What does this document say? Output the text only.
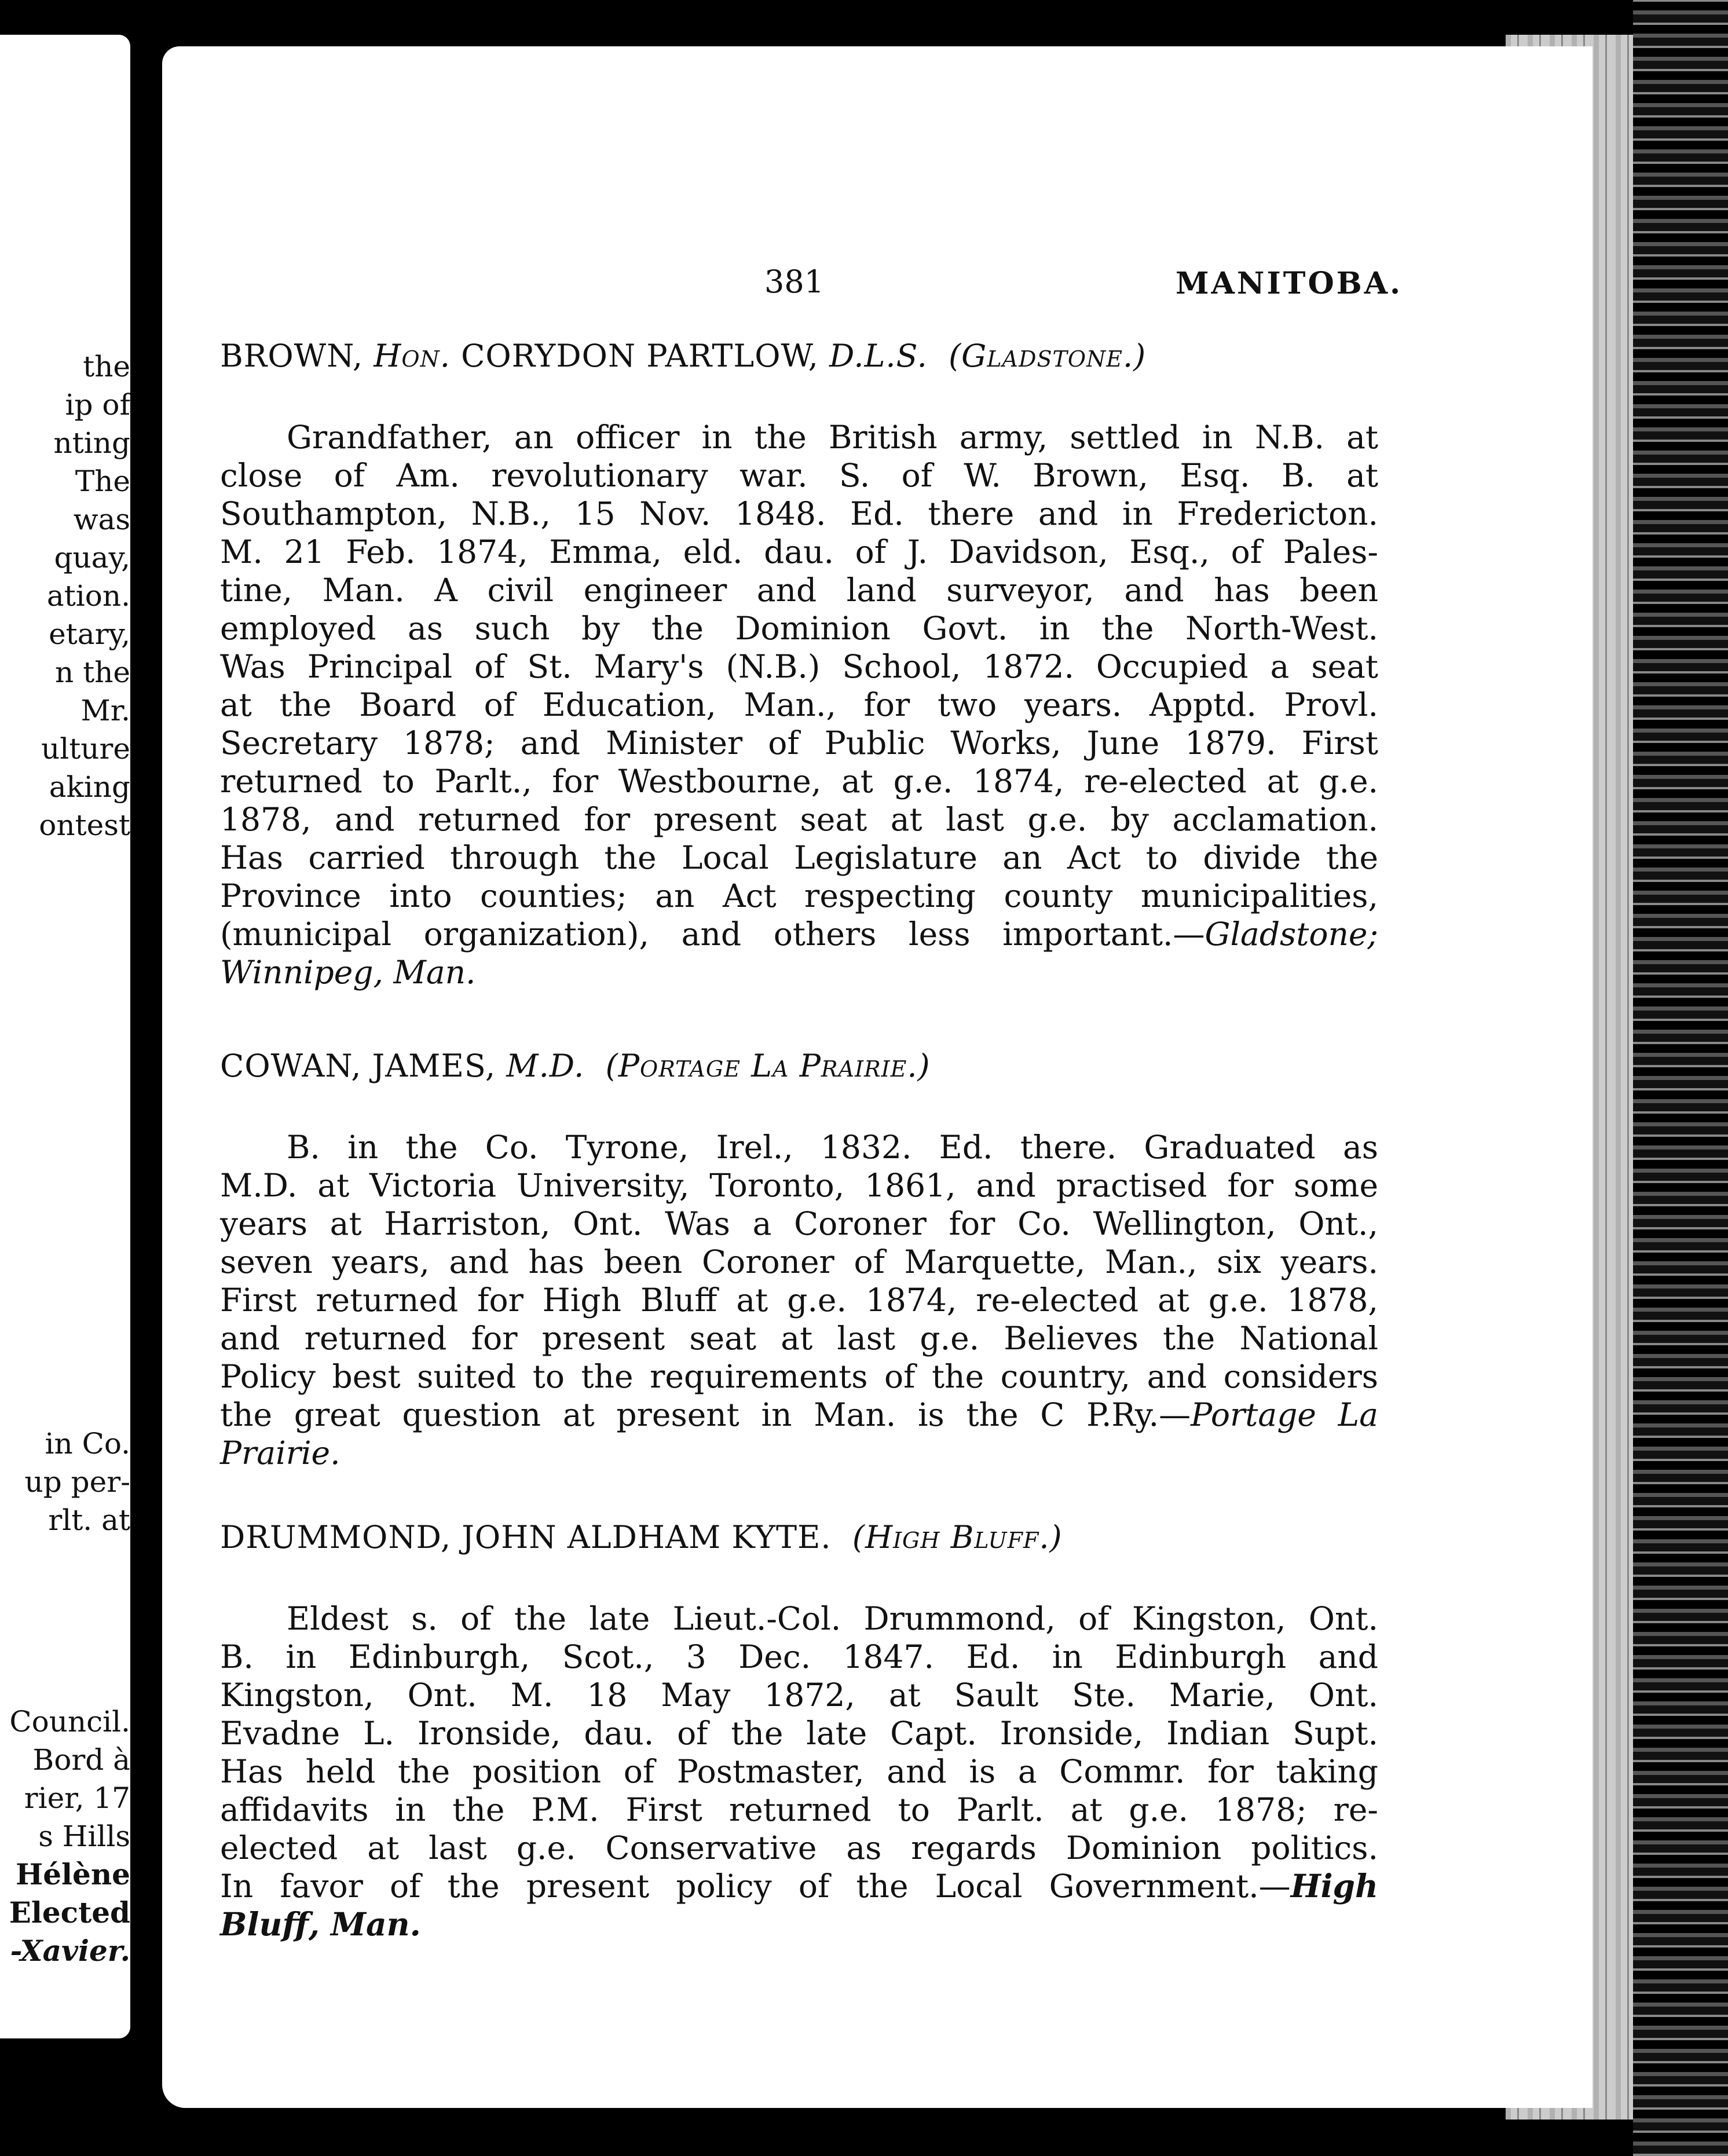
the
ip of
nting
The
was
quay,
ation.
etary,
n the
Mr.
ulture
aking
ontest
in Co.
up per-
rlt. at
Council.
Bord à
rier, 17
s Hills
Hélène
Elected
-Xavier.
381	MANITOBA.
BROWN, Hon. CORYDON PARTLOW, D.L.S. (Gladstone.)
Grandfather, an officer in the British army, settled in N.B. at
close of Am. revolutionary war. S. of W. Brown, Esq. B. at
Southampton, N.B., 15 Nov. 1848. Ed. there and in Fredericton.
M. 21 Feb. 1874, Emma, eld. dau. of J. Davidson, Esq., of Pales-
tine, Man. A civil engineer and land surveyor, and has been
employed as such by the Dominion Govt. in the North-West.
Was Principal of St. Mary's (N.B.) School, 1872. Occupied a seat
at the Board of Education, Man., for two years. Apptd. Provl.
Secretary 1878; and Minister of Public Works, June 1879. First
returned to Parlt., for Westbourne, at g.e. 1874, re-elected at g.e.
1878, and returned for present seat at last g.e. by acclamation.
Has carried through the Local Legislature an Act to divide the
Province into counties; an Act respecting county municipalities,
(municipal organization), and others less important.—Gladstone;
Winnipeg, Man.
COWAN, JAMES, M.D. (Portage La Prairie.)
B. in the Co. Tyrone, Irel., 1832. Ed. there. Graduated as
M.D. at Victoria University, Toronto, 1861, and practised for some
years at Harriston, Ont. Was a Coroner for Co. Wellington, Ont.,
seven years, and has been Coroner of Marquette, Man., six years.
First returned for High Bluff at g.e. 1874, re-elected at g.e. 1878,
and returned for present seat at last g.e. Believes the National
Policy best suited to the requirements of the country, and considers
the great question at present in Man. is the C P.Ry.—Portage La
Prairie.
DRUMMOND, JOHN ALDHAM KYTE. (High Bluff.)
Eldest s. of the late Lieut.-Col. Drummond, of Kingston, Ont.
B. in Edinburgh, Scot., 3 Dec. 1847. Ed. in Edinburgh and
Kingston, Ont. M. 18 May 1872, at Sault Ste. Marie, Ont.
Evadne L. Ironside, dau. of the late Capt. Ironside, Indian Supt.
Has held the position of Postmaster, and is a Commr. for taking
affidavits in the P.M. First returned to Parlt. at g.e. 1878; re-
elected at last g.e. Conservative as regards Dominion politics.
In favor of the present policy of the Local Government.—High
Bluff, Man.
